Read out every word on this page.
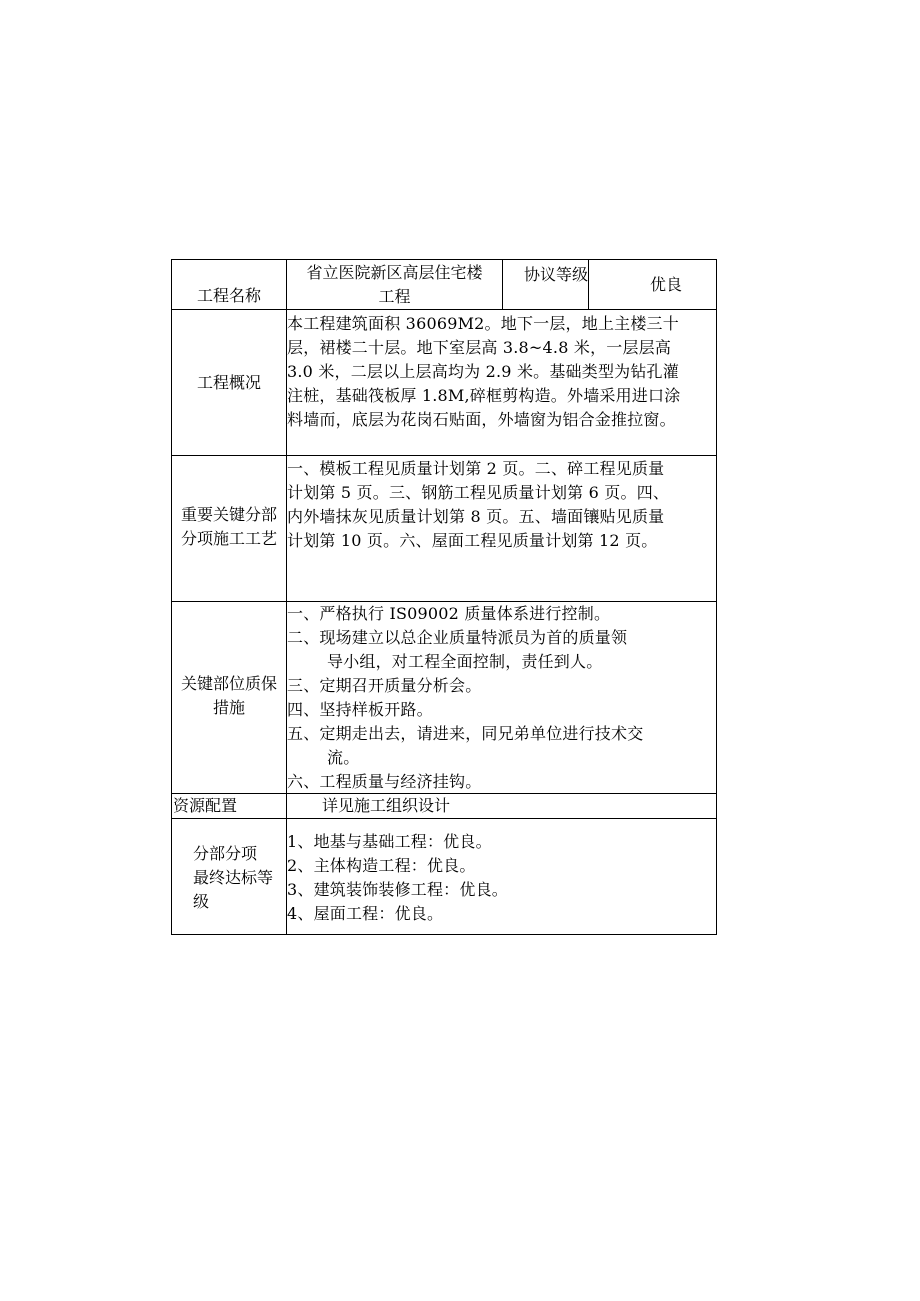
工程名称
省立医院新区高层住宅楼
工程
协议等级
优良
工程概况
本工程建筑面积 36069M2。地下一层，地上主楼三十
层，裙楼二十层。地下室层高 3.8~4.8 米，一层层高
3.0 米，二层以上层高均为 2.9 米。基础类型为钻孔灌
注桩，基础筏板厚 1.8M,碎框剪构造。外墙采用进口涂
料墙而，底层为花岗石贴面，外墙窗为铝合金推拉窗。
重要关键分部
分项施工工艺
一、模板工程见质量计划第 2 页。二、碎工程见质量
计划第 5 页。三、钢筋工程见质量计划第 6 页。四、
内外墙抹灰见质量计划第 8 页。五、墙面镶贴见质量
计划第 10 页。六、屋面工程见质量计划第 12 页。
关键部位质保
措施
一、严格执行 IS09002 质量体系进行控制。
二、现场建立以总企业质量特派员为首的质量领
导小组，对工程全面控制，责任到人。
三、定期召开质量分析会。
四、坚持样板开路。
五、定期走出去，请进来，同兄弟单位进行技术交
流。
六、工程质量与经济挂钩。
资源配置	详见施工组织设计
分部分项
最终达标等
级
1、地基与基础工程：优良。
2、主体构造工程：优良。
3、建筑装饰装修工程：优良。
4、屋面工程：优良。
